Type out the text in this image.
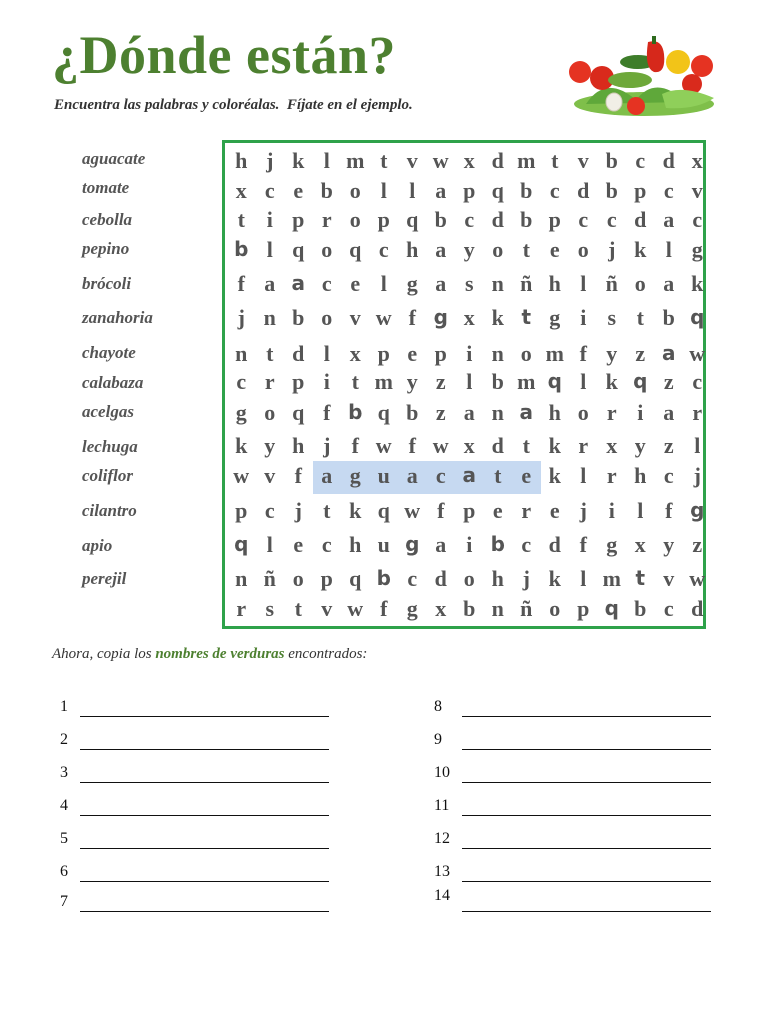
¿Dónde están?
Encuentra las palabras y coloréalas.  Fíjate en el ejemplo.
aguacate
tomate
cebolla
pepino
brócoli
zanahoria
chayote
calabaza
acelgas
lechuga
coliflor
cilantro
apio
perejil
h j k l m t v w x d m t v b c d x
x c e b o l	l a p q b c d b p c v
t i p r o p q b c d b p c c d a c
b l q o q c h a y o t e o j k l g
f a a c e l g a s n ñ h l ñ o a k
j n b o v w f g x k t g i s t b q
n t d l x p e p i n o m f y z a w
c r p i t m y z l b m q l k q z c
g o q f b q b z a n a h o r i a r
k y h j f w f w x d t k r x y z l
w v f a g u a c a t e k l r h c j
p c j t k q w f p e r e j i	l f g
q l e c h u g a i b c d f g x y z
n ñ o p q b c d o h j k l m t v w
r s t v w f g x b n ñ o p q b c d
Ahora, copia los nombres de verduras encontrados:
1
2
3
4
5
6
7
8
9
10
11
12
13
14
